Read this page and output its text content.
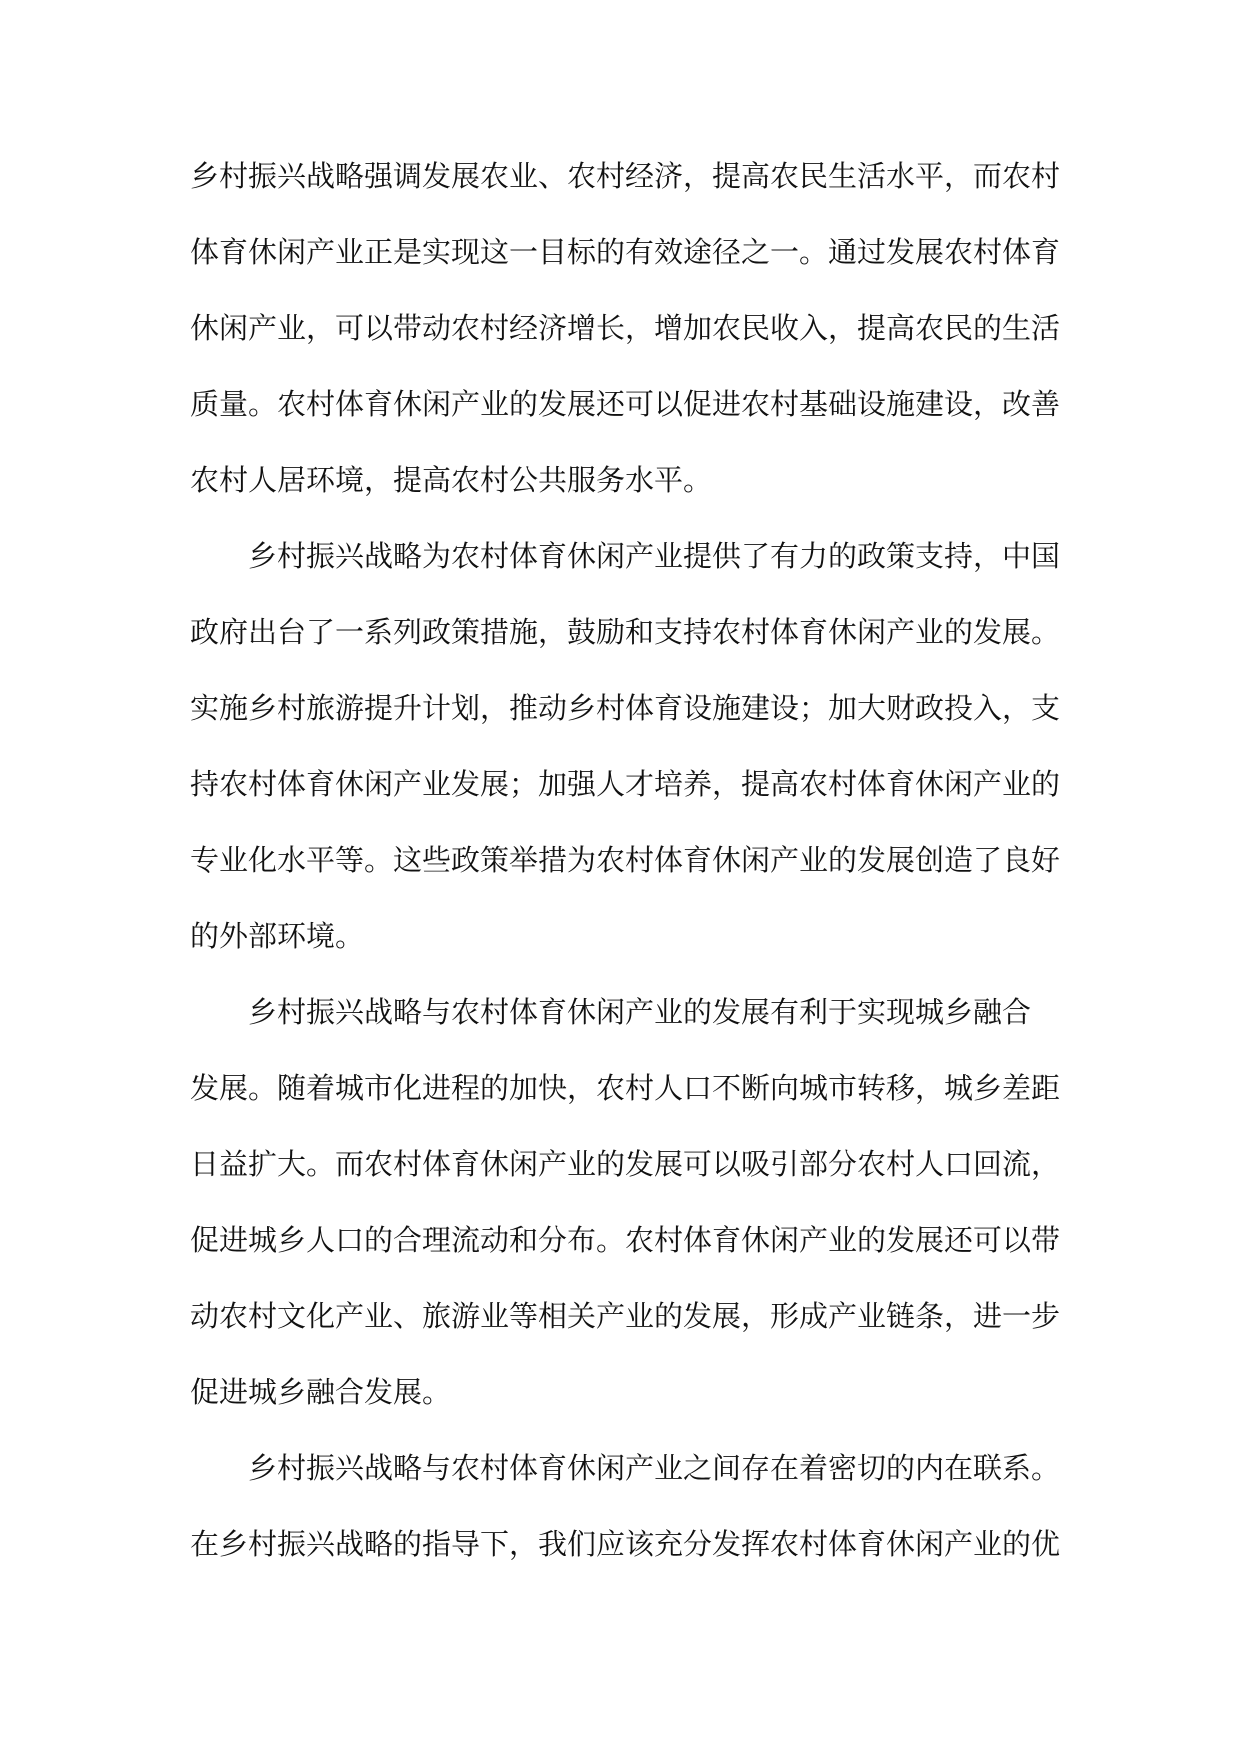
乡村振兴战略强调发展农业、农村经济，提高农民生活水平，而农村
体育休闲产业正是实现这一目标的有效途径之一。通过发展农村体育
休闲产业，可以带动农村经济增长，增加农民收入，提高农民的生活
质量。农村体育休闲产业的发展还可以促进农村基础设施建设，改善
农村人居环境，提高农村公共服务水平。
乡村振兴战略为农村体育休闲产业提供了有力的政策支持，中国
政府出台了一系列政策措施，鼓励和支持农村体育休闲产业的发展。
实施乡村旅游提升计划，推动乡村体育设施建设；加大财政投入，支
持农村体育休闲产业发展；加强人才培养，提高农村体育休闲产业的
专业化水平等。这些政策举措为农村体育休闲产业的发展创造了良好
的外部环境。
乡村振兴战略与农村体育休闲产业的发展有利于实现城乡融合
发展。随着城市化进程的加快，农村人口不断向城市转移，城乡差距
日益扩大。而农村体育休闲产业的发展可以吸引部分农村人口回流，
促进城乡人口的合理流动和分布。农村体育休闲产业的发展还可以带
动农村文化产业、旅游业等相关产业的发展，形成产业链条，进一步
促进城乡融合发展。
乡村振兴战略与农村体育休闲产业之间存在着密切的内在联系。
在乡村振兴战略的指导下，我们应该充分发挥农村体育休闲产业的优
